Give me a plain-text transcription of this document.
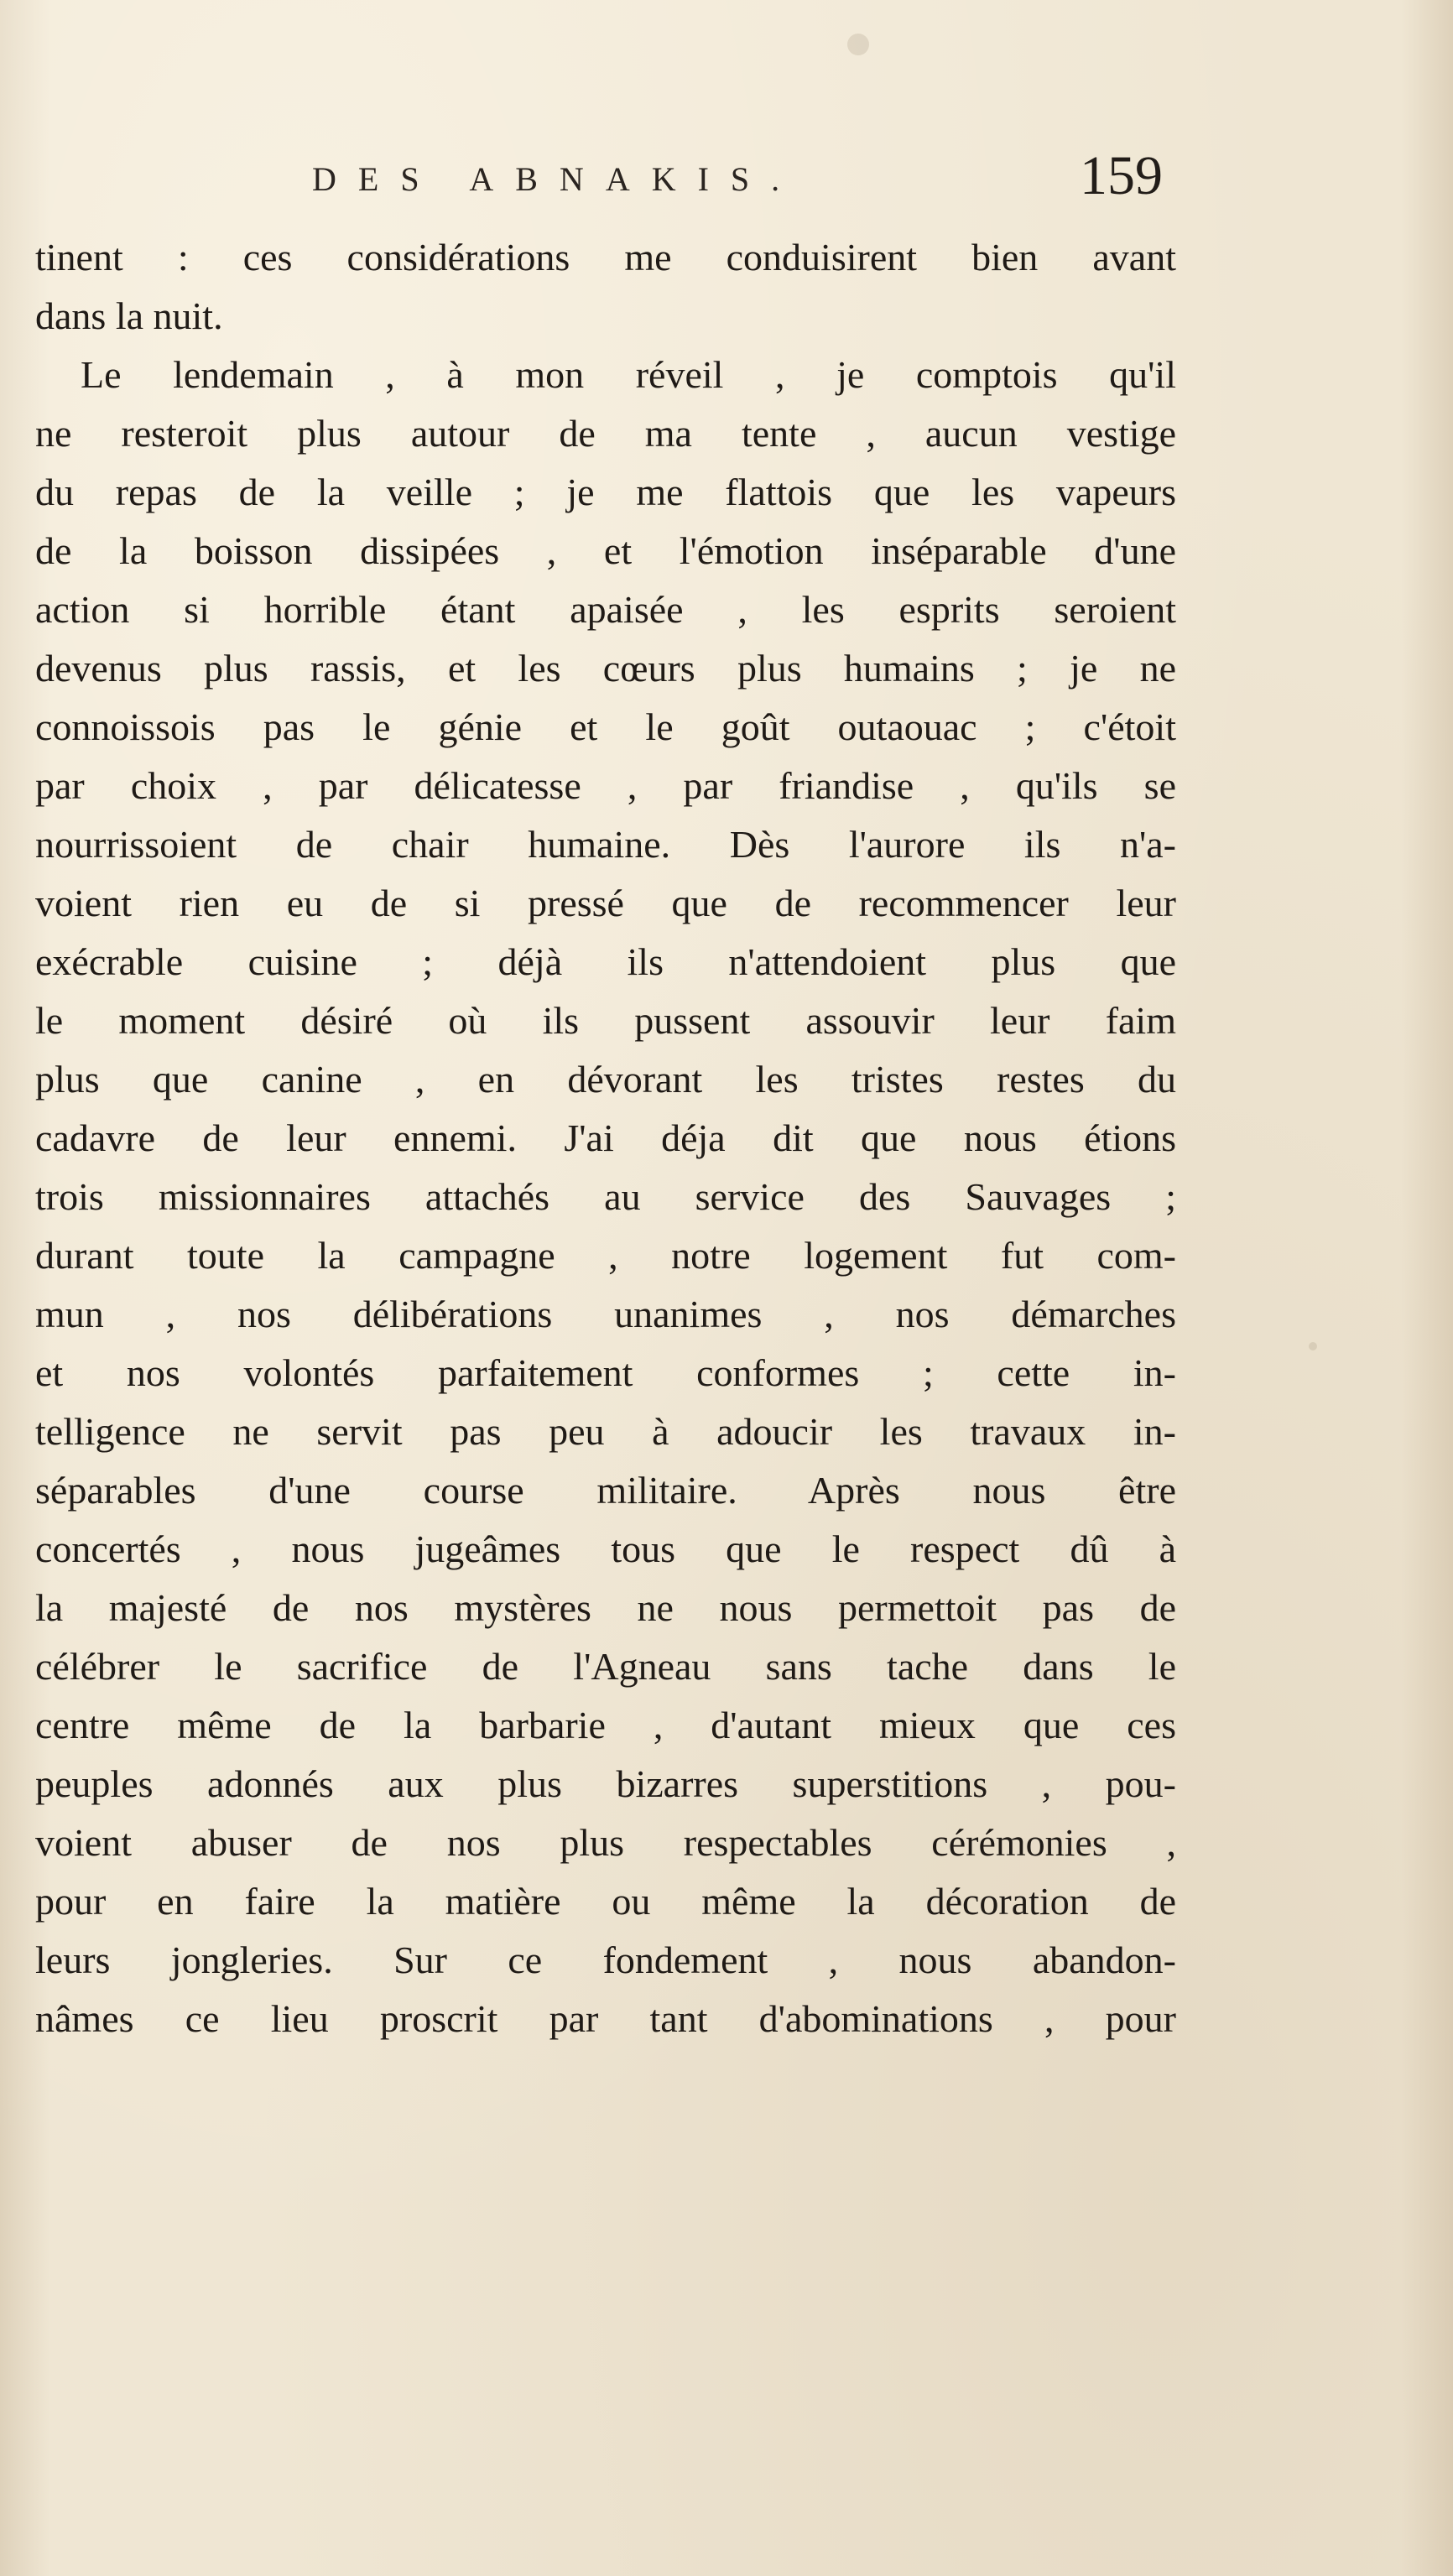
DES ABNAKIS.	159
tinent : ces considérations me conduisirent bien avant
dans la nuit.
Le lendemain , à mon réveil , je comptois qu'il
ne resteroit plus autour de ma tente , aucun vestige
du repas de la veille ; je me flattois que les vapeurs
de la boisson dissipées , et l'émotion inséparable d'une
action si horrible étant apaisée , les esprits seroient
devenus plus rassis, et les cœurs plus humains ; je ne
connoissois pas le génie et le goût outaouac ; c'étoit
par choix , par délicatesse , par friandise , qu'ils se
nourrissoient de chair humaine. Dès l'aurore ils n'a-
voient rien eu de si pressé que de recommencer leur
exécrable cuisine ; déjà ils n'attendoient plus que
le moment désiré où ils pussent assouvir leur faim
plus que canine , en dévorant les tristes restes du
cadavre de leur ennemi. J'ai déja dit que nous étions
trois missionnaires attachés au service des Sauvages ;
durant toute la campagne , notre logement fut com-
mun , nos délibérations unanimes , nos démarches
et nos volontés parfaitement conformes ; cette in-
telligence ne servit pas peu à adoucir les travaux in-
séparables d'une course militaire. Après nous être
concertés , nous jugeâmes tous que le respect dû à
la majesté de nos mystères ne nous permettoit pas de
célébrer le sacrifice de l'Agneau sans tache dans le
centre même de la barbarie , d'autant mieux que ces
peuples adonnés aux plus bizarres superstitions , pou-
voient abuser de nos plus respectables cérémonies ,
pour en faire la matière ou même la décoration de
leurs jongleries. Sur ce fondement , nous abandon-
nâmes ce lieu proscrit par tant d'abominations , pour
